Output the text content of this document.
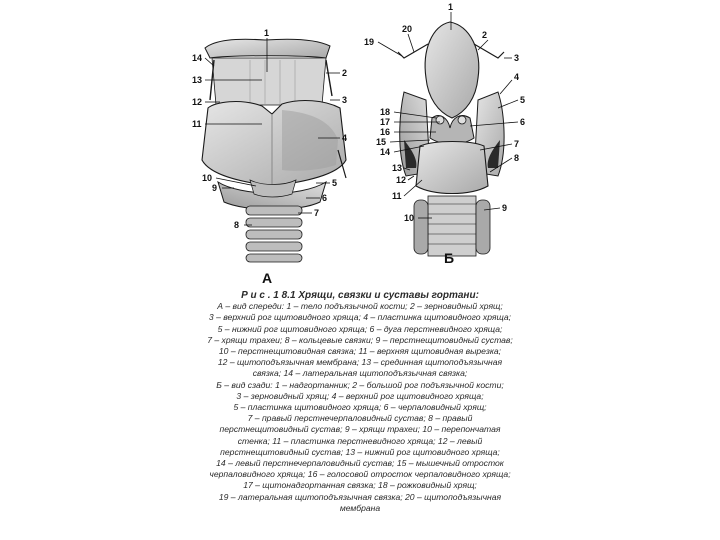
1
2
3
4
5
6
7
8
9
10
11
12
13
14
А
1
2
3
4
5
6
7
8
9
10
11
12
13
14
15
16
17
18
19
20
Б
Р и с . 1 8.1 Хрящи, связки и суставы гортани:
А – вид спереди: 1 – тело подъязычной кости; 2 – зерновидный хрящ;
3 – верхний рог щитовидного хряща; 4 – пластинка щитовидного хряща;
5 – нижний рог щитовидного хряща; 6 – дуга перстневидного хряща;
7 – хрящи трахеи; 8 – кольцевые связки; 9 – перстнещитовидный сустав;
10 – перстнещитовидная связка; 11 – верхняя щитовидная вырезка;
12 – щитоподъязычная мембрана; 13 – срединная щитоподъязычная
связка; 14 – латеральная щитоподъязычная связка;
Б – вид сзади: 1 – надгортанник; 2 – большой рог подъязычной кости;
3 – зерновидный хрящ; 4 – верхний рог щитовидного хряща;
5 – пластинка щитовидного хряща; 6 – черпаловидный хрящ;
7 – правый перстнечерпаловидный сустав; 8 – правый
перстнещитовидный сустав; 9 – хрящи трахеи; 10 – перепончатая
стенка; 11 – пластинка перстневидного хряща; 12 – левый
перстнещитовидный сустав; 13 – нижний рог щитовидного хряща;
14 – левый перстнечерпаловидный сустав; 15 – мышечный отросток
черпаловидного хряща; 16 – голосовой отросток черпаловидного хряща;
17 – щитонадгортанная связка; 18 – рожковидный хрящ;
19 – латеральная щитоподъязычная связка; 20 – щитоподъязычная
мембрана
